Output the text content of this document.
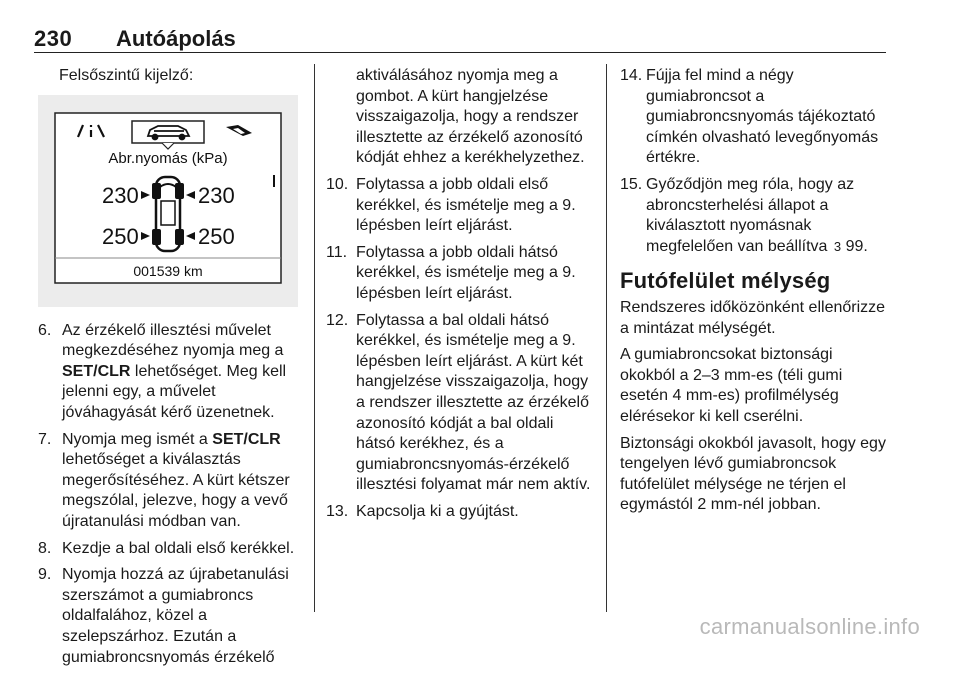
230 Autóápolás

Felsőszintű kijelző:

Abr.nyomás (kPa)
230	230
250	250
001539 km
6. Az érzékelő illesztési művelet megkezdéséhez nyomja meg a SET/CLR lehetőséget. Meg kell jelenni egy, a művelet jóváhagyását kérő üzenetnek.
7. Nyomja meg ismét a SET/CLR lehetőséget a kiválasztás megerősítéséhez. A kürt kétszer megszólal, jelezve, hogy a vevő újratanulási módban van.
8. Kezdje a bal oldali első kerékkel.
9. Nyomja hozzá az újrabetanulási szerszámot a gumiabroncs oldalfalához, közel a szelepszárhoz. Ezután a gumiabroncsnyomás érzékelő

aktiválásához nyomja meg a gombot. A kürt hangjelzése visszaigazolja, hogy a rendszer illesztette az érzékelő azonosító kódját ehhez a kerékhelyzethez.

10. Folytassa a jobb oldali első kerékkel, és ismételje meg a 9. lépésben leírt eljárást.
11. Folytassa a jobb oldali hátsó kerékkel, és ismételje meg a 9. lépésben leírt eljárást.
12. Folytassa a bal oldali hátsó kerékkel, és ismételje meg a 9. lépésben leírt eljárást. A kürt két hangjelzése visszaigazolja, hogy a rendszer illesztette az érzékelő azonosító kódját a bal oldali hátsó kerékhez, és a gumiabroncsnyomás-érzékelő illesztési folyamat már nem aktív.
13. Kapcsolja ki a gyújtást.
14. Fújja fel mind a négy gumiabroncsot a gumiabroncsnyomás tájékoztató címkén olvasható levegőnyomás értékre.
15. Győződjön meg róla, hogy az abroncsterhelési állapot a kiválasztott nyomásnak megfelelően van beállítva 3 99.
Futófelület mélység

Rendszeres időközönként ellenőrizze a mintázat mélységét.

A gumiabroncsokat biztonsági okokból a 2–3 mm-es (téli gumi esetén 4 mm-es) profilmélység elérésekor ki kell cserélni.

Biztonsági okokból javasolt, hogy egy tengelyen lévő gumiabroncsok futófelület mélysége ne térjen el egymástól 2 mm-nél jobban.

carmanualsonline.info
